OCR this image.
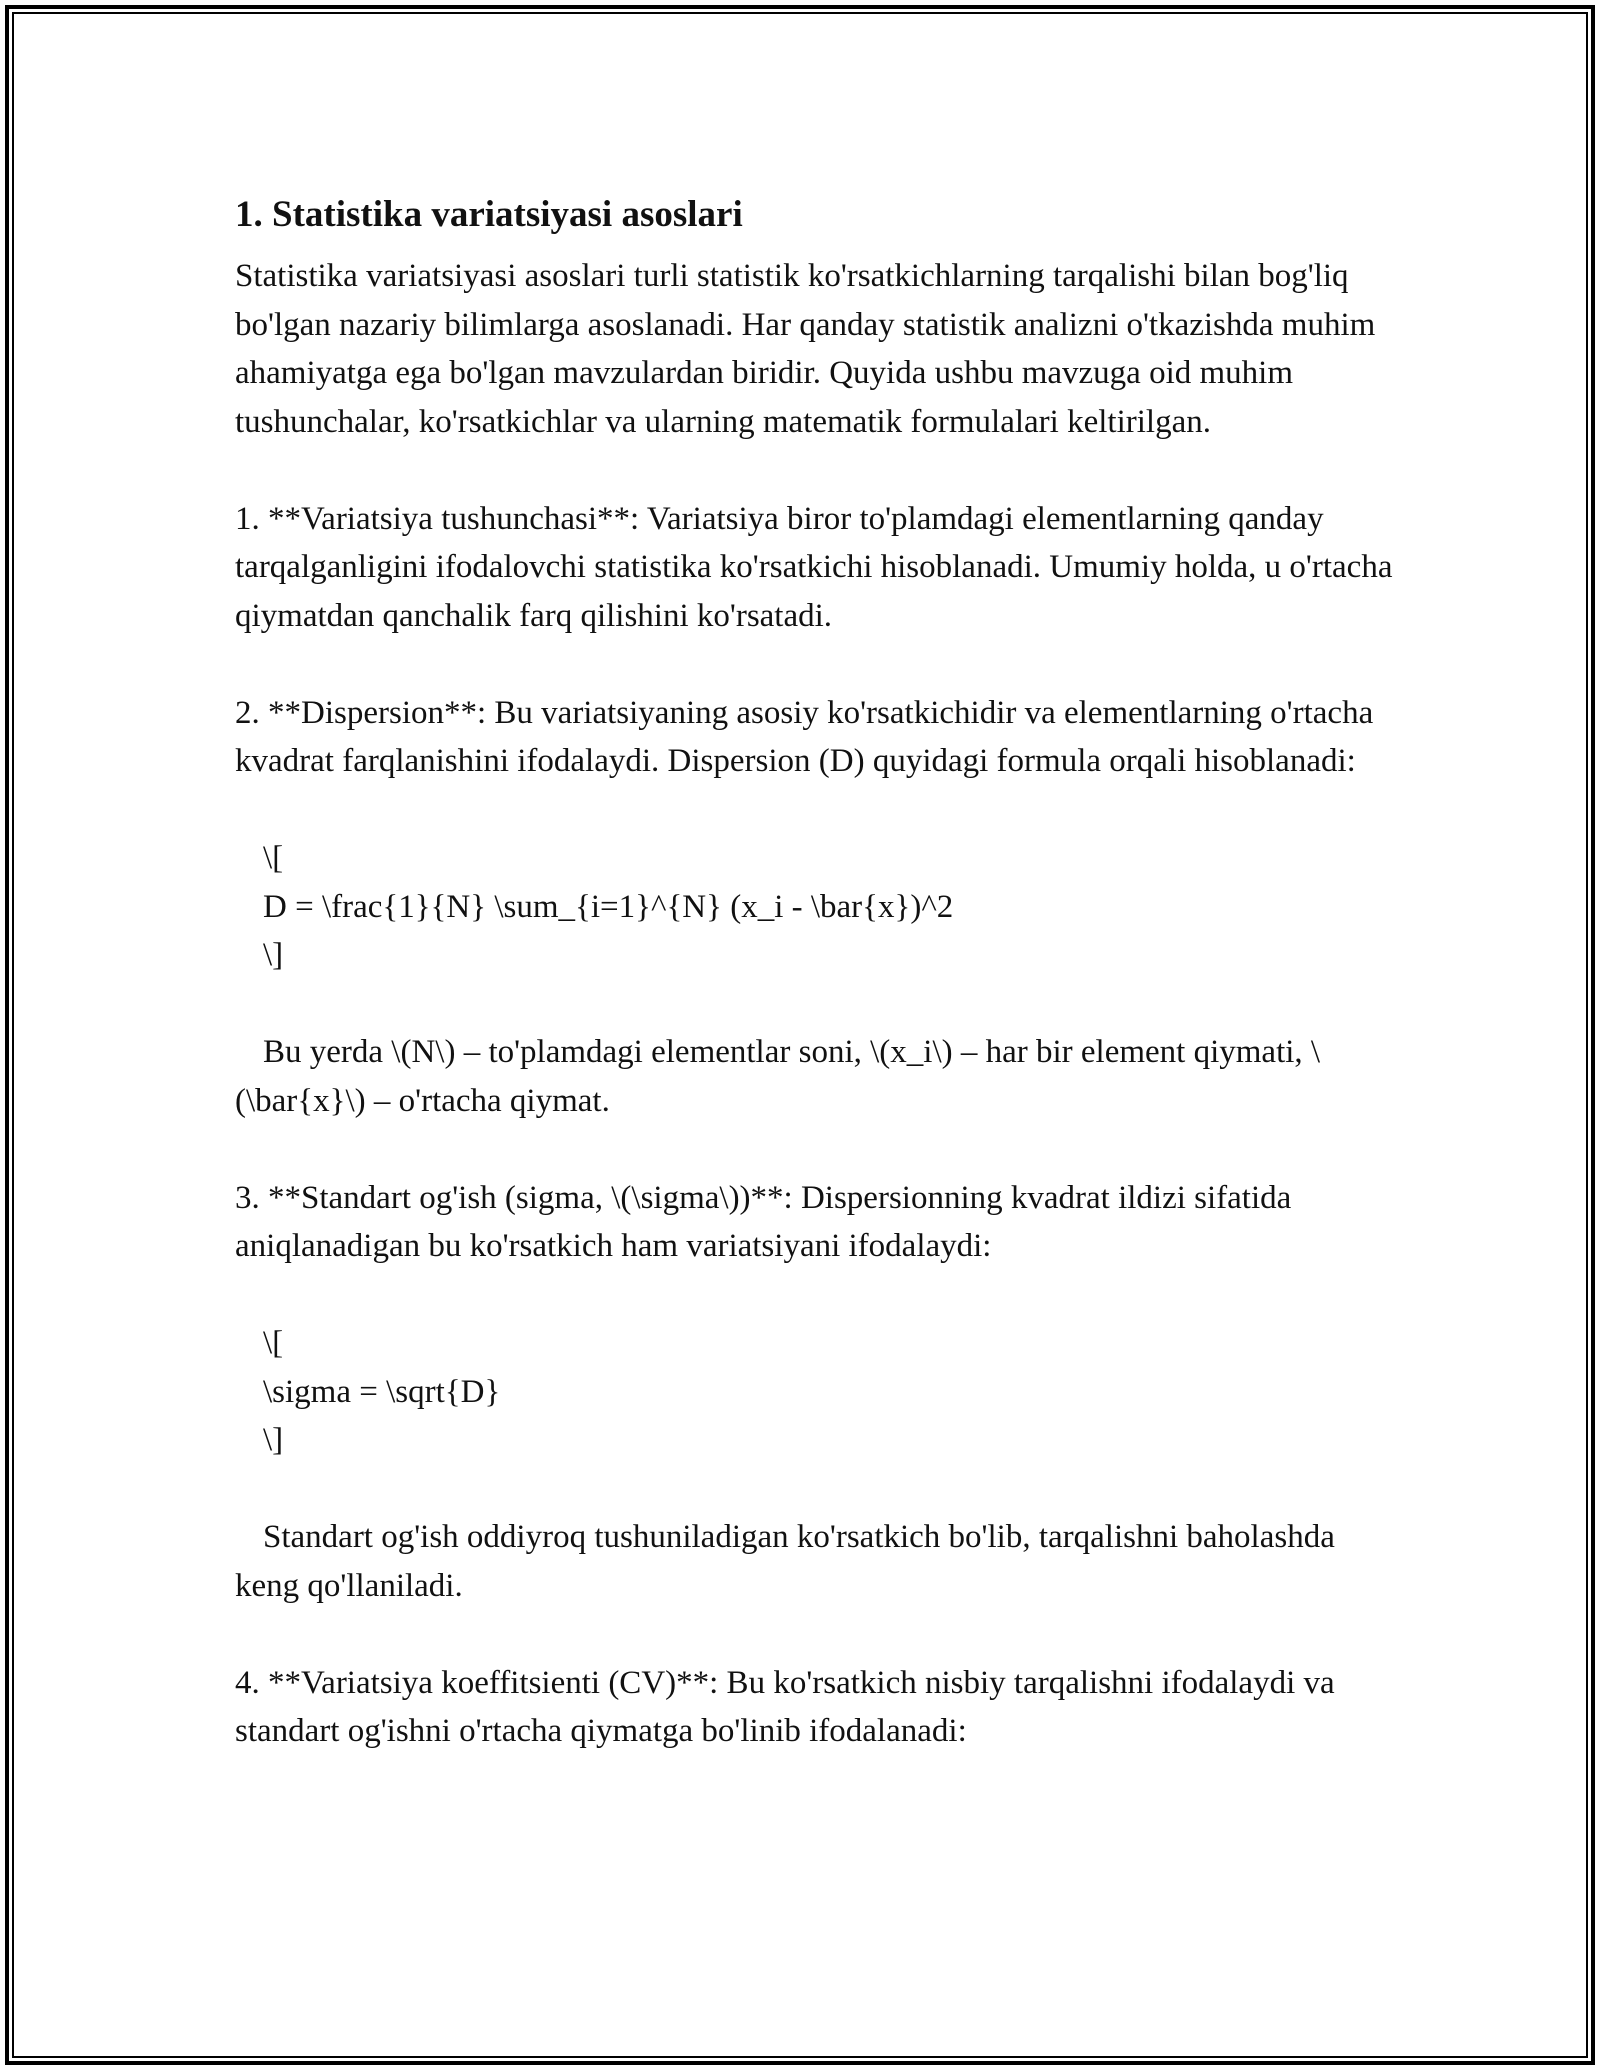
1. Statistika variatsiyasi asoslari

Statistika variatsiyasi asoslari turli statistik ko'rsatkichlarning tarqalishi bilan bog'liq bo'lgan nazariy bilimlarga asoslanadi. Har qanday statistik analizni o'tkazishda muhim ahamiyatga ega bo'lgan mavzulardan biridir. Quyida ushbu mavzuga oid muhim tushunchalar, ko'rsatkichlar va ularning matematik formulalari keltirilgan.

1. **Variatsiya tushunchasi**: Variatsiya biror to'plamdagi elementlarning qanday tarqalganligini ifodalovchi statistika ko'rsatkichi hisoblanadi. Umumiy holda, u o'rtacha qiymatdan qanchalik farq qilishini ko'rsatadi.

2. **Dispersion**: Bu variatsiyaning asosiy ko'rsatkichidir va elementlarning o'rtacha kvadrat farqlanishini ifodalaydi. Dispersion (D) quyidagi formula orqali hisoblanadi:

\[

D = \frac{1}{N} \sum_{i=1}^{N} (x_i - \bar{x})^2

\]

Bu yerda \(N\) – to'plamdagi elementlar soni, \(x_i\) – har bir element qiymati, \(\bar{x}\) – o'rtacha qiymat.

3. **Standart og'ish (sigma, \(\sigma\))**: Dispersionning kvadrat ildizi sifatida aniqlanadigan bu ko'rsatkich ham variatsiyani ifodalaydi:

\[

\sigma = \sqrt{D}

\]

Standart og'ish oddiyroq tushuniladigan ko'rsatkich bo'lib, tarqalishni baholashda keng qo'llaniladi.

4. **Variatsiya koeffitsienti (CV)**: Bu ko'rsatkich nisbiy tarqalishni ifodalaydi va standart og'ishni o'rtacha qiymatga bo'linib ifodalanadi:
